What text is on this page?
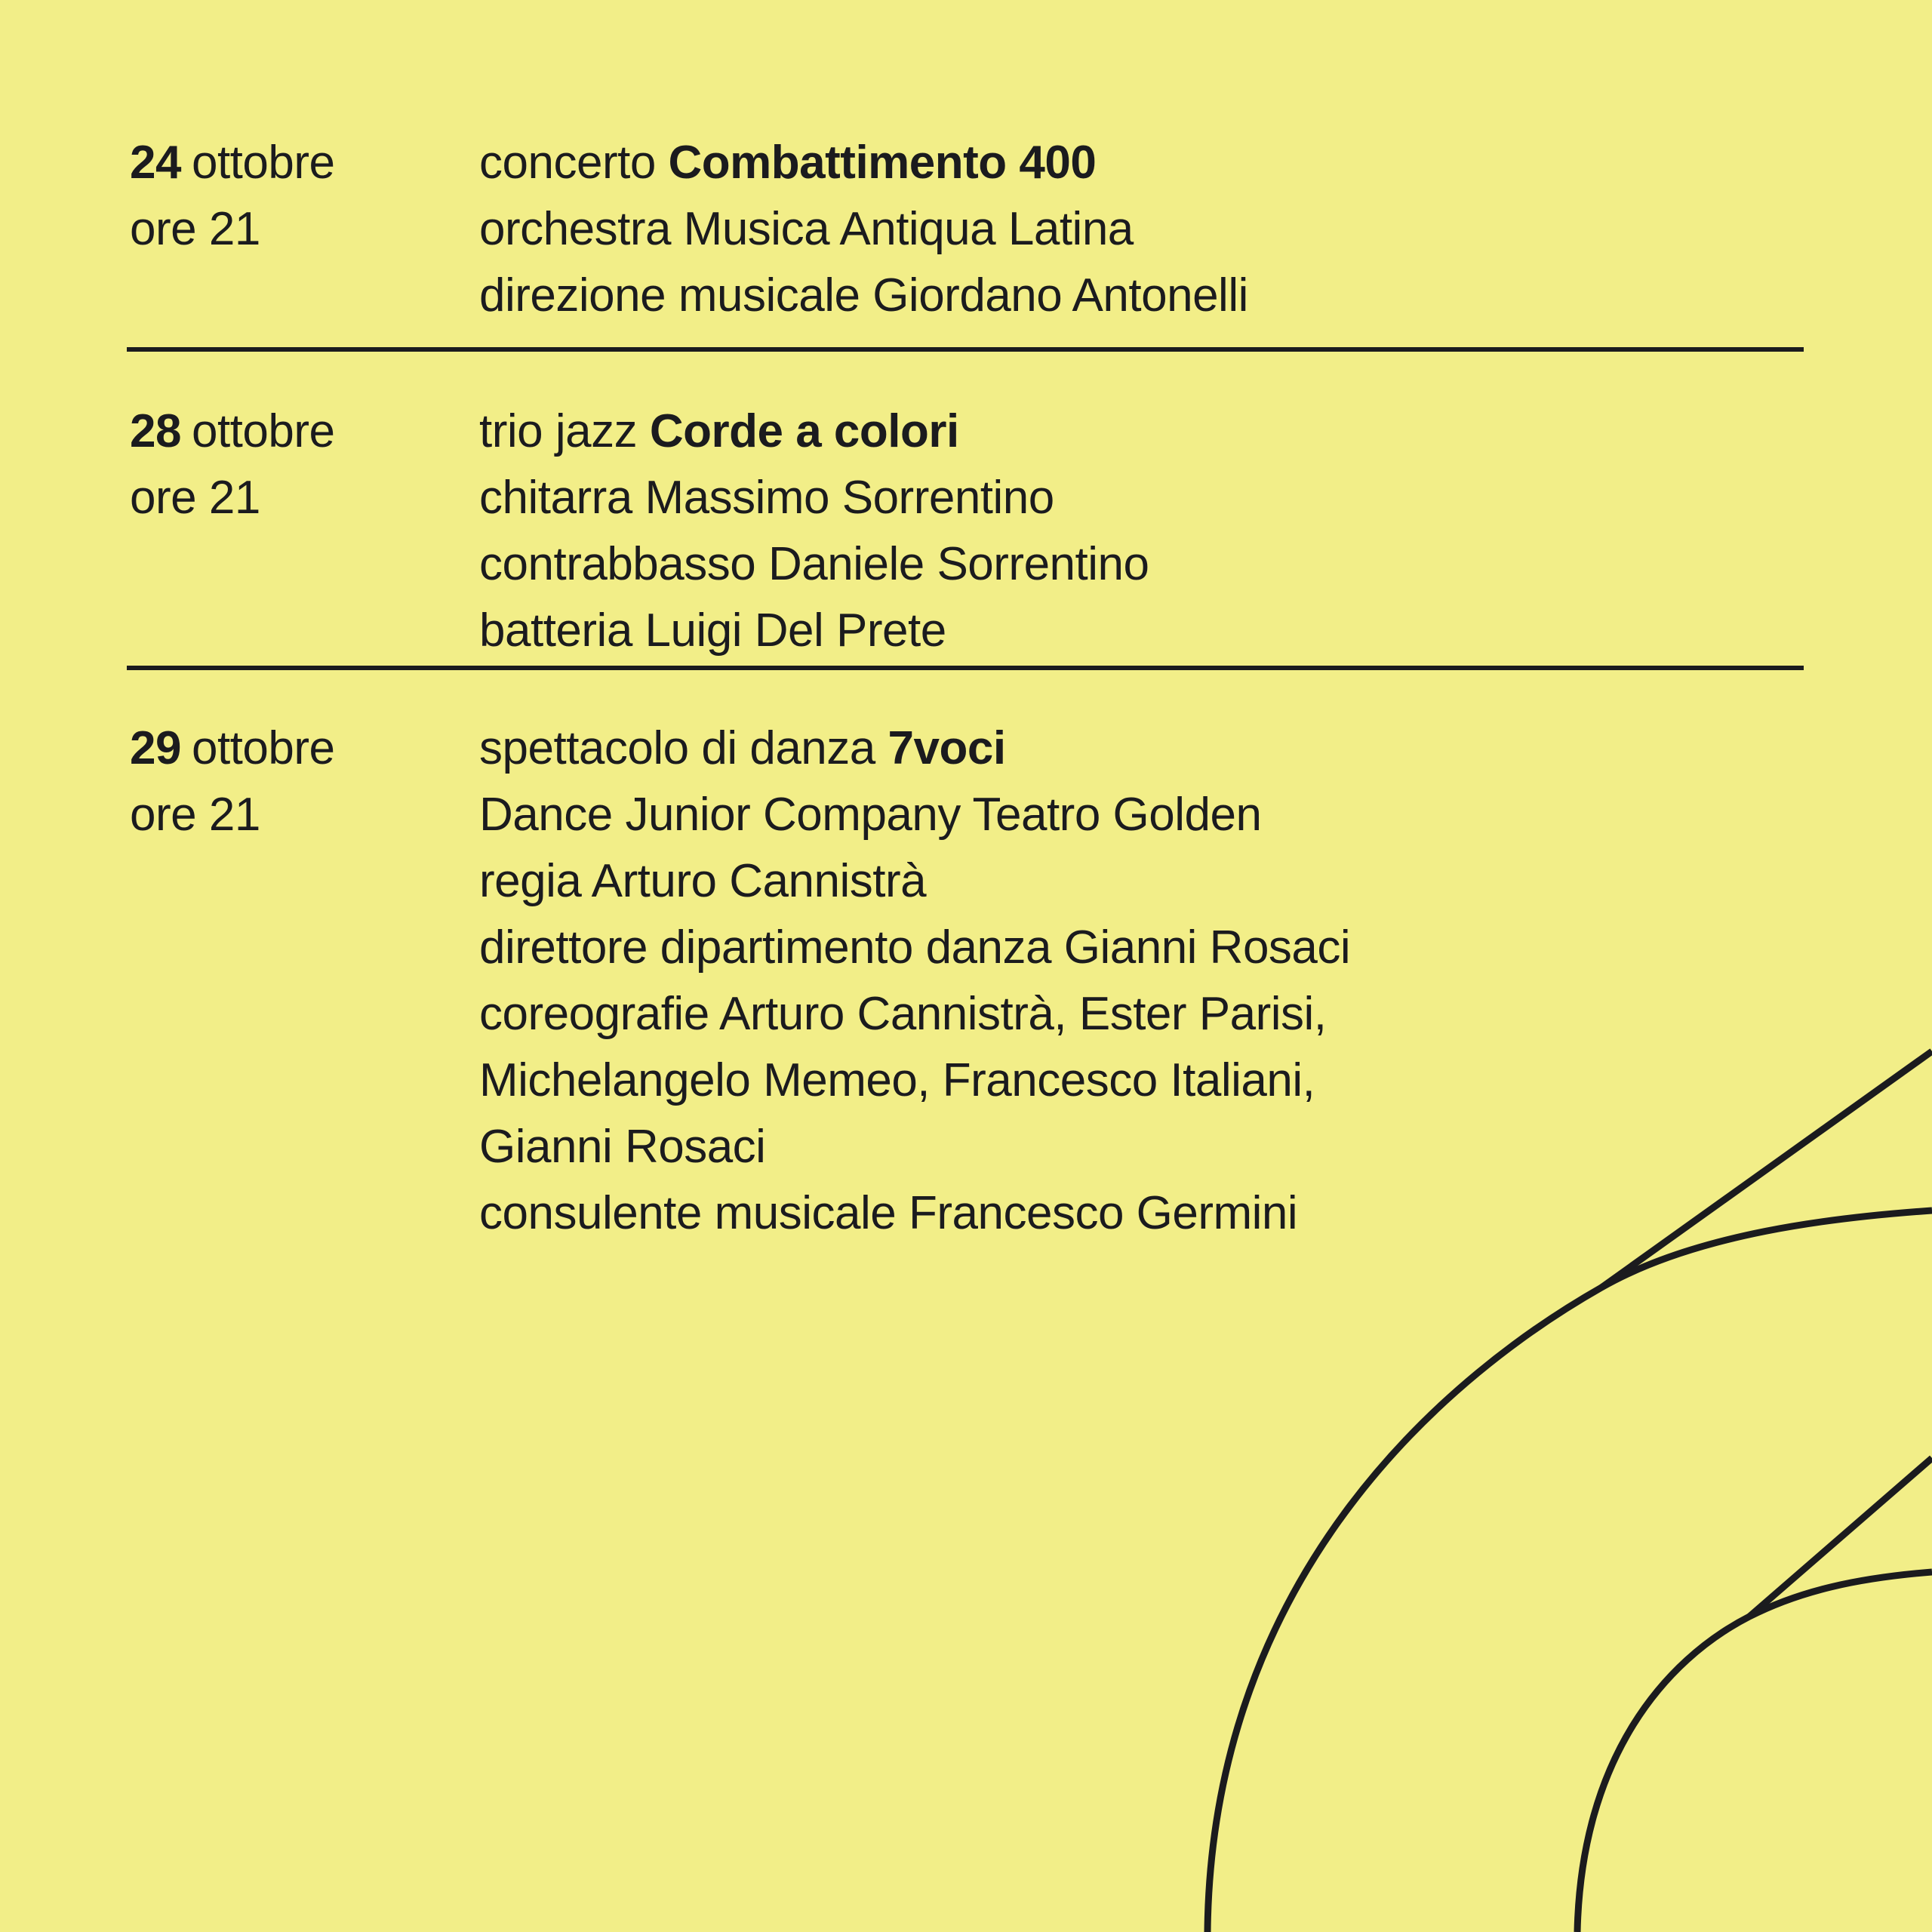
24 ottobre
ore 21
concerto Combattimento 400
orchestra Musica Antiqua Latina
direzione musicale Giordano Antonelli
28 ottobre
ore 21
trio jazz Corde a colori
chitarra Massimo Sorrentino
contrabbasso Daniele Sorrentino
batteria Luigi Del Prete
29 ottobre
ore 21
spettacolo di danza 7voci
Dance Junior Company Teatro Golden
regia Arturo Cannistrà
direttore dipartimento danza Gianni Rosaci
coreografie Arturo Cannistrà, Ester Parisi,
Michelangelo Memeo, Francesco Italiani,
Gianni Rosaci
consulente musicale Francesco Germini
